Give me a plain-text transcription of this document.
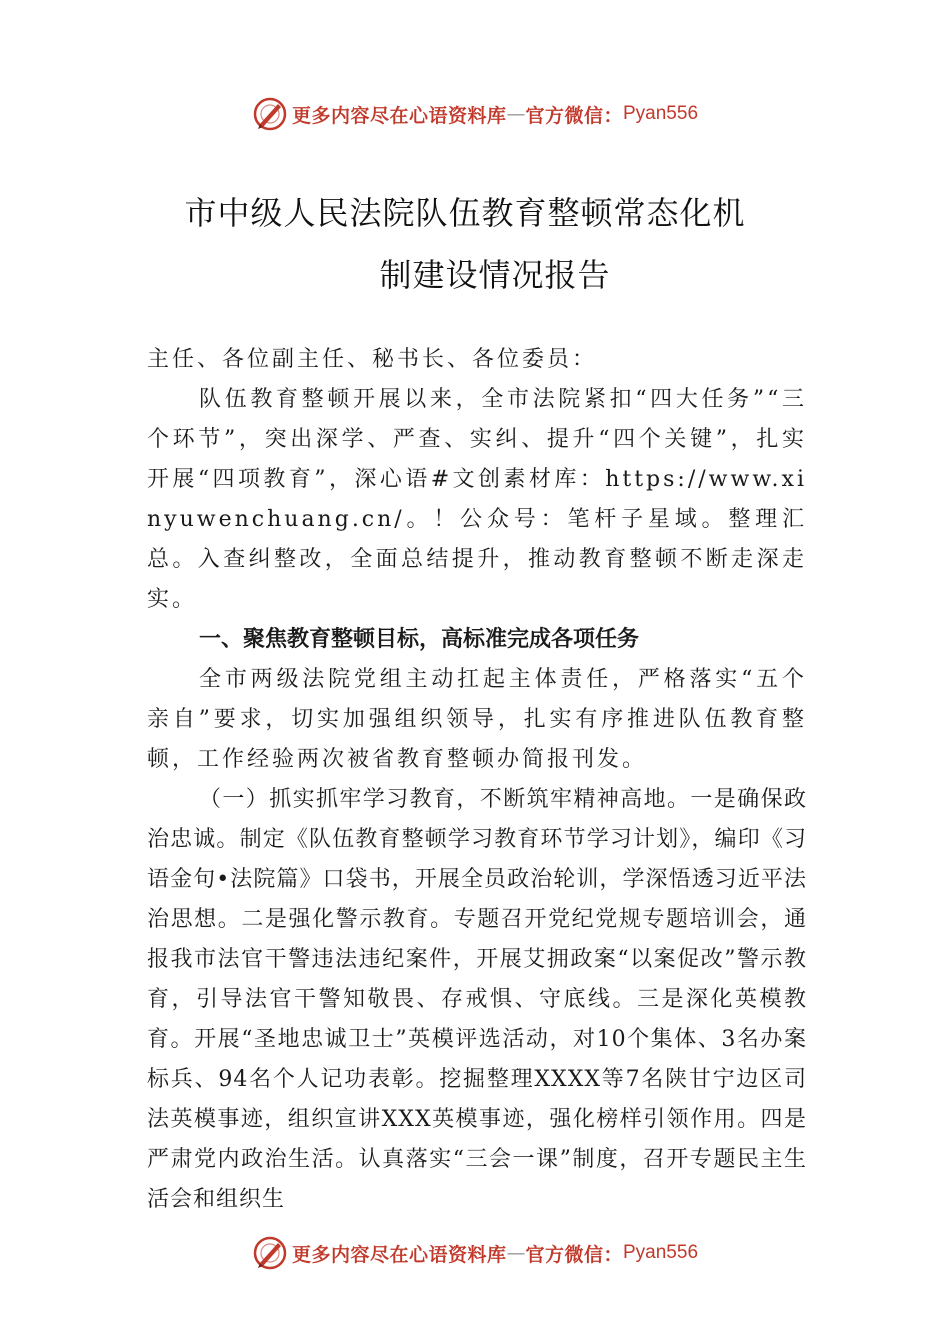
更多内容尽在心语资料库 — 官方微信： Pyan556
市中级人民法院队伍教育整顿常态化机
制建设情况报告

主任、各位副主任、秘书长、各位委员：

队伍教育整顿开展以来，全市法院紧扣“四大任务”“三个环节”，突出深学、严查、实纠、提升“四个关键”，扎实开展“四项教育”，深心语#文创素材库：https://www.xinyuwenchuang.cn/。！公众号：笔杆子星域。整理汇总。入查纠整改，全面总结提升，推动教育整顿不断走深走实。

一、聚焦教育整顿目标，高标准完成各项任务

全市两级法院党组主动扛起主体责任，严格落实“五个亲自”要求，切实加强组织领导，扎实有序推进队伍教育整顿，工作经验两次被省教育整顿办简报刊发。

（一）抓实抓牢学习教育，不断筑牢精神高地。一是确保政治忠诚。制定《队伍教育整顿学习教育环节学习计划》，编印《习语金句•法院篇》口袋书，开展全员政治轮训，学深悟透习近平法治思想。二是强化警示教育。专题召开党纪党规专题培训会，通报我市法官干警违法违纪案件，开展艾拥政案“以案促改”警示教育，引导法官干警知敬畏、存戒惧、守底线。三是深化英模教育。开展“圣地忠诚卫士”英模评选活动，对10个集体、3名办案标兵、94名个人记功表彰。挖掘整理XXXX等7名陕甘宁边区司法英模事迹，组织宣讲XXX英模事迹，强化榜样引领作用。四是严肃党内政治生活。认真落实“三会一课”制度，召开专题民主生活会和组织生

更多内容尽在心语资料库 — 官方微信： Pyan556
